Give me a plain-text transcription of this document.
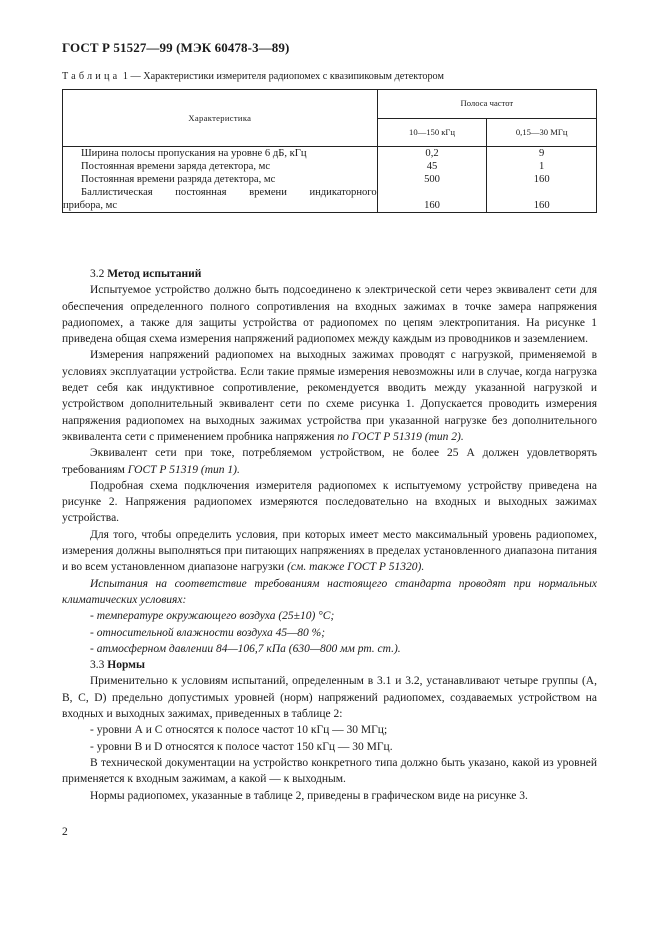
ГОСТ Р 51527—99 (МЭК 60478-3—89)
Таблица 1 — Характеристики измерителя радиопомех с квазипиковым детектором
Характеристика	Полоса частот	
	10—150 кГц	0,15—30 МГц

Ширина полосы пропускания на уровне 6 дБ, кГц	0,2	9

Постоянная времени заряда детектора, мс	45	1

Постоянная времени разряда детектора, мс	500	160

Баллистическая постоянная времени индикаторного
прибора, мс	160	160

3.2 Метод испытаний

Испытуемое устройство должно быть подсоединено к электрической сети через эквивалент сети для обеспечения определенного полного сопротивления на входных зажимах в точке замера напряжения радиопомех, а также для защиты устройства от радиопомех по цепям электропитания. На рисунке 1 приведена общая схема измерения напряжений радиопомех между каждым из проводников и заземлением.

Измерения напряжений радиопомех на выходных зажимах проводят с нагрузкой, применяемой в условиях эксплуатации устройства. Если такие прямые измерения невозможны или в случае, когда нагрузка ведет себя как индуктивное сопротивление, рекомендуется вводить между указанной нагрузкой и устройством дополнительный эквивалент сети по схеме рисунка 1. Допускается проводить измерения напряжения радиопомех на выходных зажимах устройства при указанной нагрузке без дополнительного эквивалента сети с применением пробника напряжения по ГОСТ Р 51319 (тип 2).

Эквивалент сети при токе, потребляемом устройством, не более 25 А должен удовлетворять требованиям ГОСТ Р 51319 (тип 1).

Подробная схема подключения измерителя радиопомех к испытуемому устройству приведена на рисунке 2. Напряжения радиопомех измеряются последовательно на входных и выходных зажимах устройства.

Для того, чтобы определить условия, при которых имеет место максимальный уровень радиопомех, измерения должны выполняться при питающих напряжениях в пределах установленного диапазона питания и во всем установленном диапазоне нагрузки (см. также ГОСТ Р 51320).

Испытания на соответствие требованиям настоящего стандарта проводят при нормальных климатических условиях:

- температуре окружающего воздуха (25±10) °С;

- относительной влажности воздуха 45—80 %;

- атмосферном давлении 84—106,7 кПа (630—800 мм рт. ст.).

3.3 Нормы

Применительно к условиям испытаний, определенным в 3.1 и 3.2, устанавливают четыре группы (А, В, С, D) предельно допустимых уровней (норм) напряжений радиопомех, создаваемых устройством на входных и выходных зажимах, приведенных в таблице 2:

- уровни А и С относятся к полосе частот 10 кГц — 30 МГц;

- уровни В и D относятся к полосе частот 150 кГц — 30 МГц.

В технической документации на устройство конкретного типа должно быть указано, какой из уровней применяется к входным зажимам, а какой — к выходным.

Нормы радиопомех, указанные в таблице 2, приведены в графическом виде на рисунке 3.

2
